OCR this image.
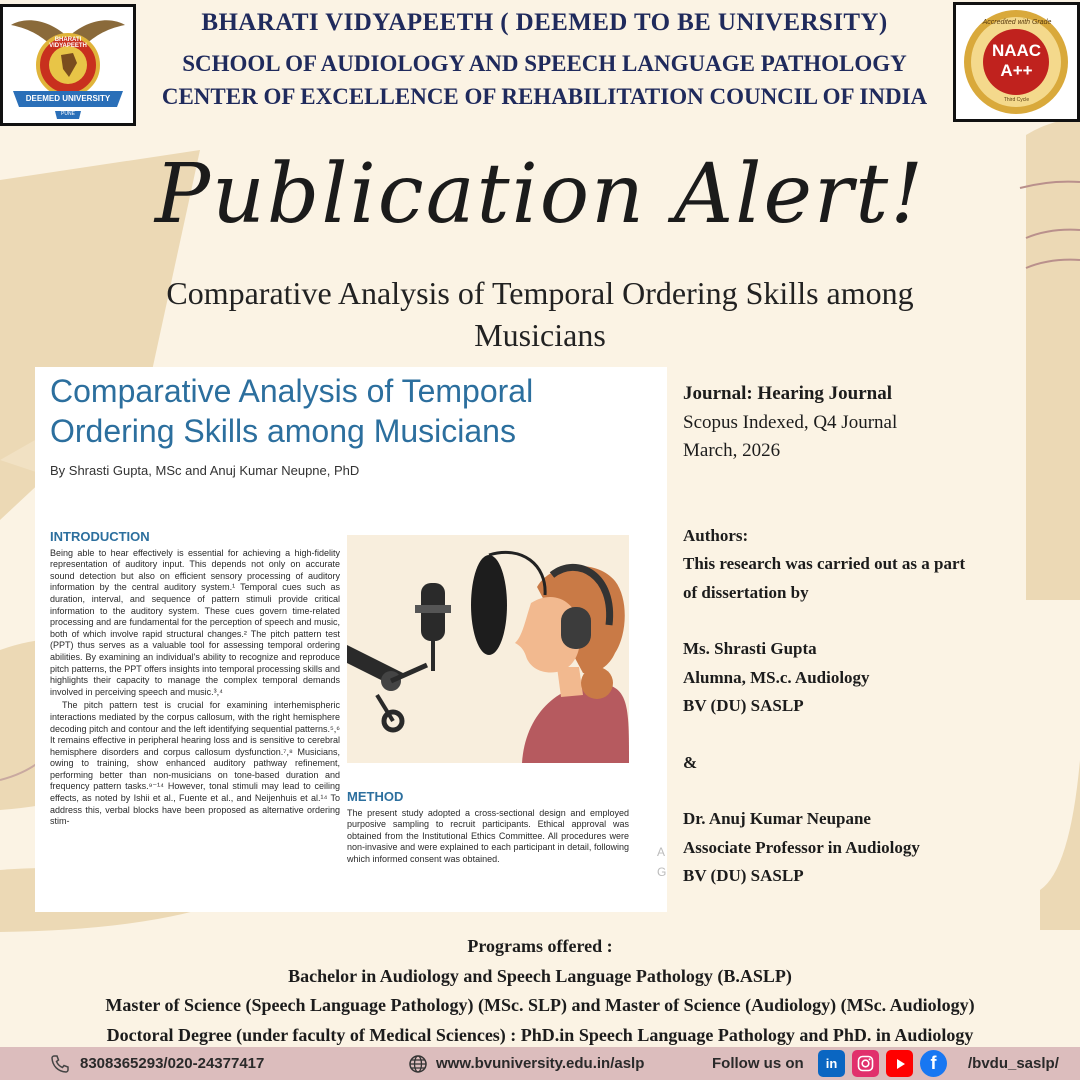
BHARATI VIDYAPEETH
DEEMED UNIVERSITY
PUNE
BHARATI VIDYAPEETH ( DEEMED TO BE UNIVERSITY)
SCHOOL OF AUDIOLOGY AND SPEECH LANGUAGE PATHOLOGY
CENTER OF EXCELLENCE OF REHABILITATION COUNCIL OF INDIA
Accredited with Grade
NAAC
A++
Third Cycle
Publication Alert!
Comparative Analysis of Temporal Ordering Skills among Musicians
Comparative Analysis of Temporal
Ordering Skills among Musicians
By Shrasti Gupta, MSc and Anuj Kumar Neupne, PhD
INTRODUCTION

Being able to hear effectively is essential for achieving a high-fidelity representation of auditory input. This depends not only on accurate sound detection but also on efficient sensory processing of auditory information by the central auditory system.¹ Temporal cues such as duration, interval, and sequence of pattern stimuli provide critical information to the auditory system. These cues govern time-related processing and are fundamental for the perception of speech and music, both of which involve rapid structural changes.² The pitch pattern test (PPT) thus serves as a valuable tool for assessing temporal ordering abilities. By examining an individual's ability to recognize and reproduce pitch patterns, the PPT offers insights into temporal processing skills and highlights their capacity to manage the complex temporal demands involved in perceiving speech and music.³,⁴

The pitch pattern test is crucial for examining interhemispheric interactions mediated by the corpus callosum, with the right hemisphere decoding pitch and contour and the left identifying sequential patterns.⁵,⁶ It remains effective in peripheral hearing loss and is sensitive to cerebral hemisphere disorders and corpus callosum dysfunction.⁷,⁸ Musicians, owing to training, show enhanced auditory pathway refinement, performing better than non-musicians on tone-based duration and frequency pattern tasks.⁹⁻¹⁴ However, tonal stimuli may lead to ceiling effects, as noted by Ishii et al., Fuente et al., and Neijenhuis et al.¹⁴ To address this, verbal blocks have been proposed as alternative ordering stim-

METHOD

The present study adopted a cross-sectional design and employed purposive sampling to recruit participants. Ethical approval was obtained from the Institutional Ethics Committee. All procedures were non-invasive and were explained to each participant in detail, following which informed consent was obtained.	A
G
Journal: Hearing Journal
Scopus Indexed, Q4 Journal
March, 2026
Authors:
This research was carried out as a part
of dissertation by
Ms. Shrasti Gupta
Alumna, MS.c. Audiology
BV (DU) SASLP
&
Dr. Anuj Kumar Neupane
Associate Professor in Audiology
BV (DU) SASLP
Programs offered :
Bachelor in Audiology and Speech Language Pathology (B.ASLP)
Master of Science (Speech Language Pathology) (MSc. SLP) and Master of Science (Audiology) (MSc. Audiology)
Doctoral Degree (under faculty of Medical Sciences) : PhD.in Speech Language Pathology and PhD. in Audiology
8308365293/020-24377417	www.bvuniversity.edu.in/aslp	Follow us on	in	f	/bvdu_saslp/
